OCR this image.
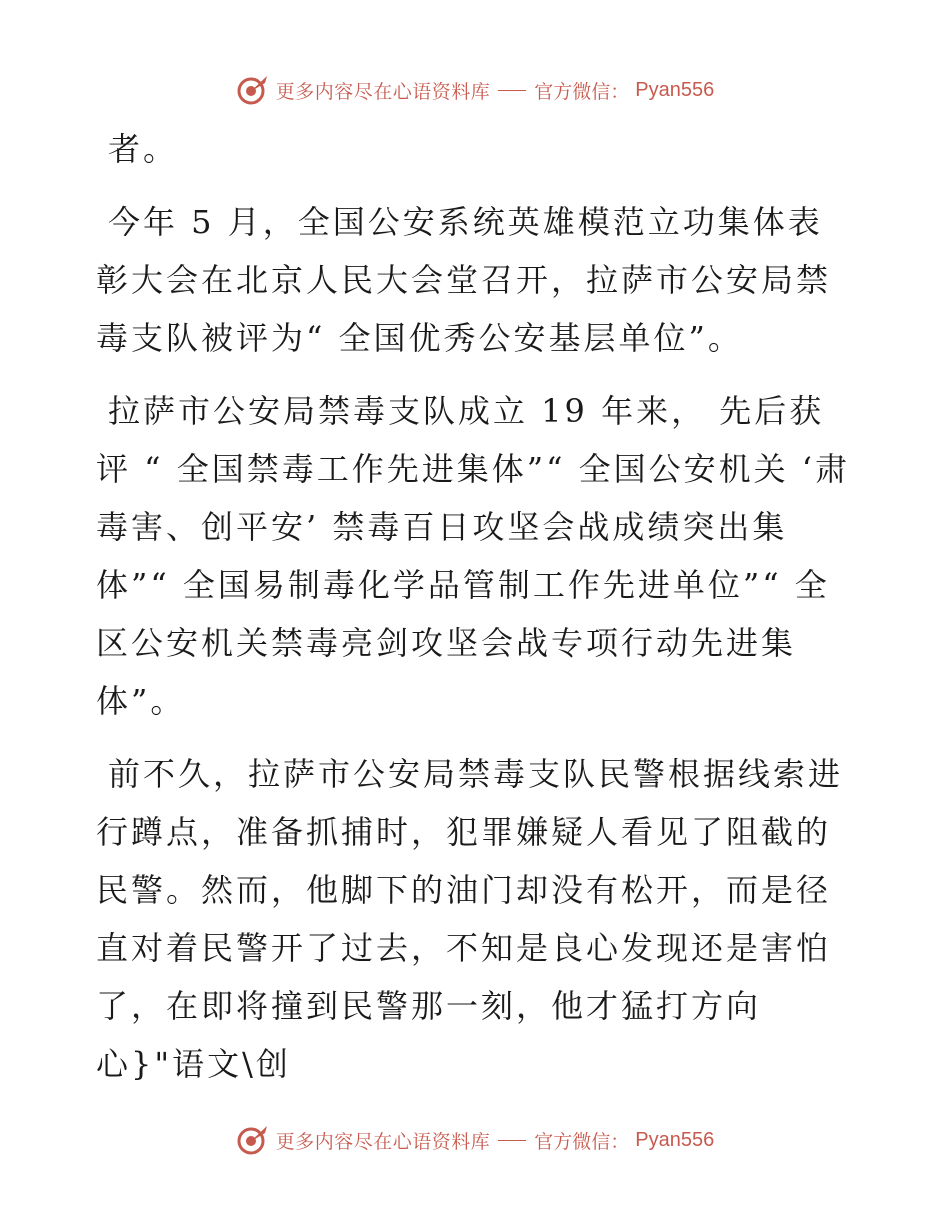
更多内容尽在心语资料库 官方微信： Pyan556

者。

今年 5 月，全国公安系统英雄模范立功集体表彰大会在北京人民大会堂召开，拉萨市公安局禁毒支队被评为“ 全国优秀公安基层单位”。

拉萨市公安局禁毒支队成立 19 年来， 先后获评 “ 全国禁毒工作先进集体”“ 全国公安机关 ‘肃毒害、创平安’ 禁毒百日攻坚会战成绩突出集体”“ 全国易制毒化学品管制工作先进单位”“ 全区公安机关禁毒亮剑攻坚会战专项行动先进集体”。

前不久，拉萨市公安局禁毒支队民警根据线索进行蹲点，准备抓捕时，犯罪嫌疑人看见了阻截的民警。然而，他脚下的油门却没有松开，而是径直对着民警开了过去，不知是良心发现还是害怕了，在即将撞到民警那一刻，他才猛打方向心}"语文\创

更多内容尽在心语资料库 官方微信： Pyan556
